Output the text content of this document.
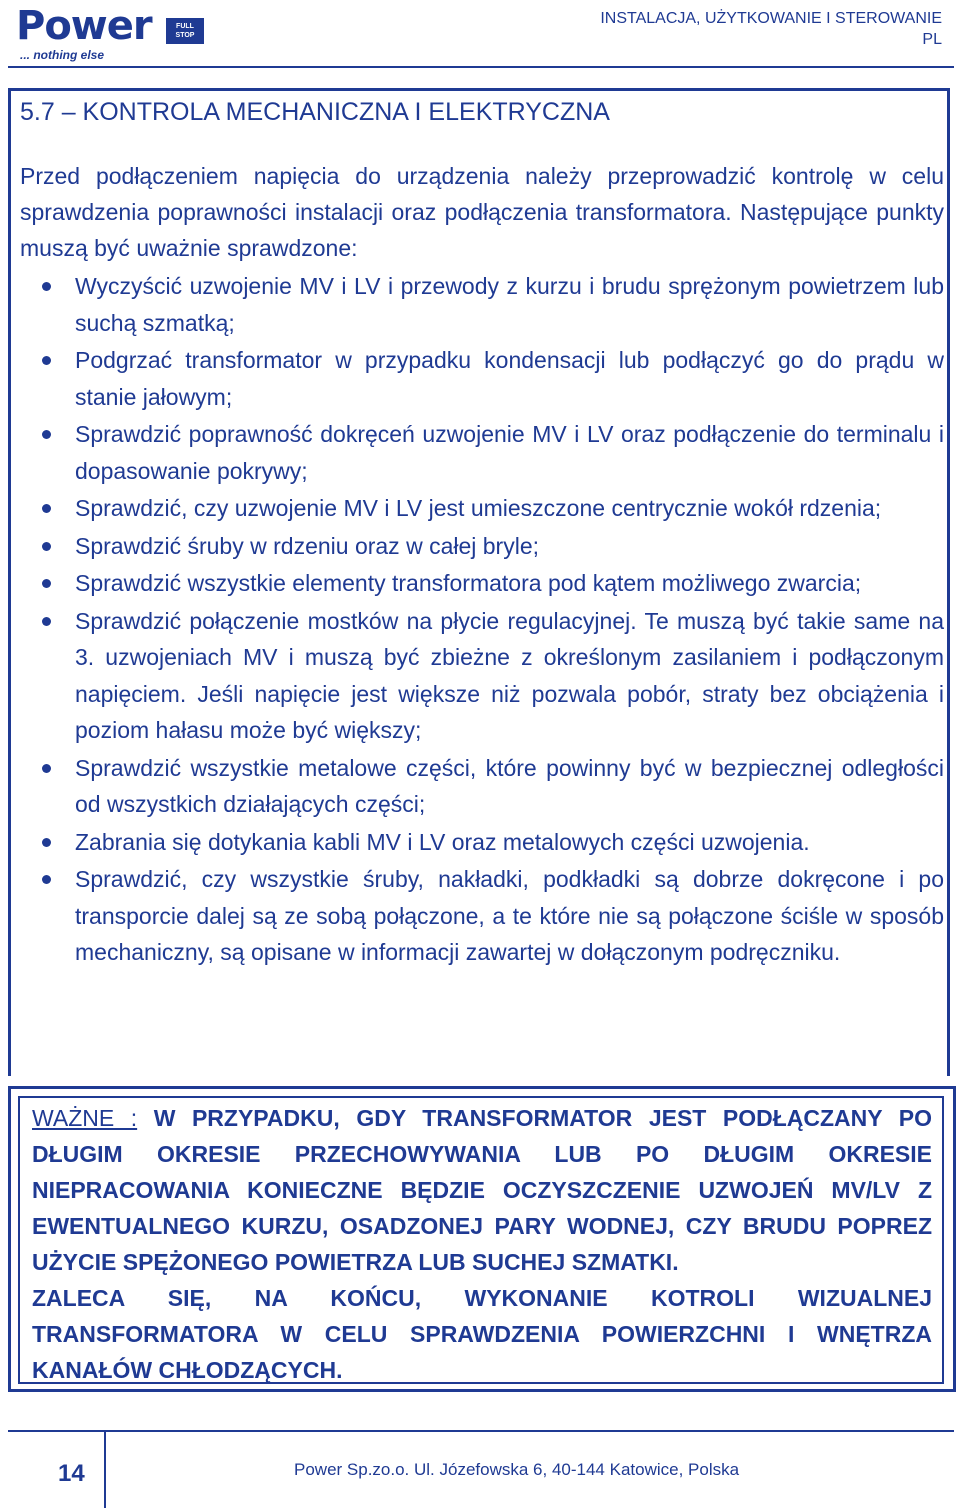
Power	FULL
STOP
... nothing else
INSTALACJA, UŻYTKOWANIE I STEROWANIE
PL
5.7 – KONTROLA MECHANICZNA I ELEKTRYCZNA
Przed podłączeniem napięcia do urządzenia należy przeprowadzić kontrolę w celu sprawdzenia poprawności instalacji oraz podłączenia transformatora. Następujące punkty muszą być uważnie sprawdzone:
Wyczyścić uzwojenie MV i LV i przewody z kurzu i brudu sprężonym powietrzem lub suchą szmatką;
Podgrzać transformator w przypadku kondensacji lub podłączyć go do prądu w stanie jałowym;
Sprawdzić poprawność dokręceń uzwojenie MV i LV oraz podłączenie do terminalu i dopasowanie pokrywy;
Sprawdzić, czy uzwojenie MV i LV jest umieszczone centrycznie wokół rdzenia;
Sprawdzić śruby w rdzeniu oraz w całej bryle;
Sprawdzić wszystkie elementy transformatora pod kątem możliwego zwarcia;
Sprawdzić połączenie mostków na płycie regulacyjnej. Te muszą być takie same na 3. uzwojeniach MV i muszą być zbieżne z określonym zasilaniem i podłączonym napięciem. Jeśli napięcie jest większe niż pozwala pobór, straty bez obciążenia i poziom hałasu może być większy;
Sprawdzić wszystkie metalowe części, które powinny być w bezpiecznej odległości od wszystkich działających części;
Zabrania się dotykania kabli MV i LV oraz metalowych części uzwojenia.
Sprawdzić, czy wszystkie śruby, nakładki, podkładki są dobrze dokręcone i po transporcie dalej są ze sobą połączone, a te które nie są połączone ściśle w sposób mechaniczny, są opisane w informacji zawartej w dołączonym podręczniku.
WAŻNE : W PRZYPADKU, GDY TRANSFORMATOR JEST PODŁĄCZANY PO DŁUGIM OKRESIE PRZECHOWYWANIA LUB PO DŁUGIM OKRESIE NIEPRACOWANIA KONIECZNE BĘDZIE OCZYSZCZENIE UZWOJEŃ MV/LV Z EWENTUALNEGO KURZU, OSADZONEJ PARY WODNEJ, CZY BRUDU POPREZ UŻYCIE SPĘŻONEGO POWIETRZA LUB SUCHEJ SZMATKI.
ZALECA SIĘ, NA KOŃCU, WYKONANIE KOTROLI WIZUALNEJ TRANSFORMATORA W CELU SPRAWDZENIA POWIERZCHNI I WNĘTRZA KANAŁÓW CHŁODZĄCYCH.
14	Power Sp.zo.o. Ul. Józefowska 6, 40-144 Katowice, Polska
